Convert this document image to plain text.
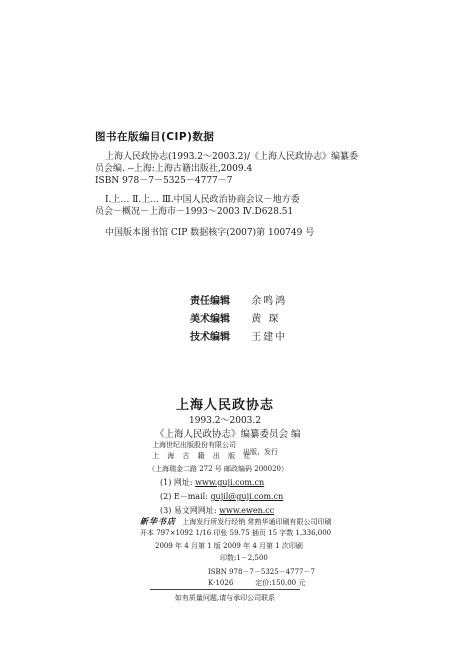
图书在版编目(CIP)数据
上海人民政协志(1993.2～2003.2)/《上海人民政协志》编纂委
员会编. --上海:上海古籍出版社,2009.4
ISBN 978－7－5325－4777－7
Ⅰ.上… Ⅱ.上… Ⅲ.中国人民政治协商会议－地方委
员会－概况－上海市－1993～2003 Ⅳ.D628.51
中国版本图书馆 CIP 数据核字(2007)第 100749 号
责任编辑 余鸣鸿
美术编辑 黄 琛
技术编辑 王建中
上海人民政协志
1993.2～2003.2
《上海人民政协志》编纂委员会 编
上海世纪出版股份有限公司
上 海 古 籍 出 版 社
出版、发行
（上海瑞金二路 272 号 邮政编码 200020）
(1) 网址: www.guji.com.cn
(2) E－mail: gujil@guji.com.cn
(3) 易文网网址: www.ewen.cc
新华书店 上海发行所发行经销 常熟华通印刷有限公司印刷
开本 797×1092 1/16 印张 59.75 插页 15 字数 1,336,000
2009 年 4 月第 1 版 2009 年 4 月第 1 次印刷
印数:1－2,500
ISBN 978－7－5325－4777－7
K·1026	定价:150.00 元
如有质量问题,请与承印公司联系
